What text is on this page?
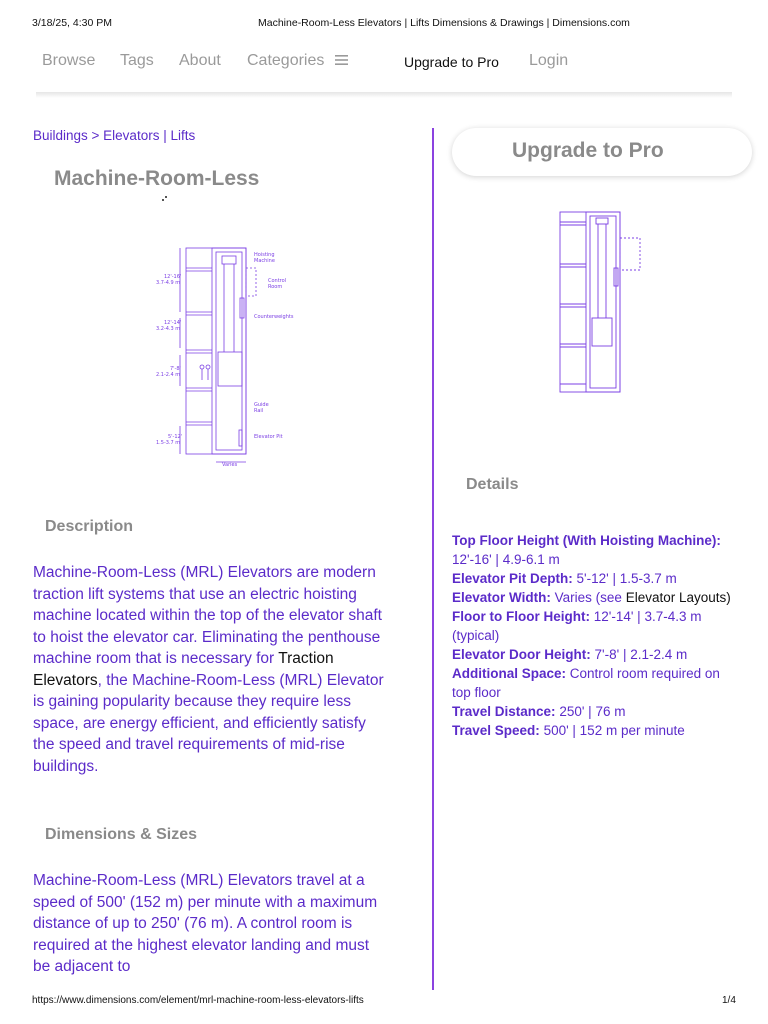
3/18/25, 4:30 PM	Machine-Room-Less Elevators | Lifts Dimensions & Drawings | Dimensions.com
Browse Tags About Categories	Upgrade to Pro Login
Buildings > Elevators | Lifts
Machine-Room-Less
Hoisting
Machine
Control
Room
Counterweights
Guide
Rail
Elevator Pit
Varies
12'-16'
3.7-4.9 m
12'-14'
3.2-4.3 m
7'-8'
2.1-2.4 m
5'-12'
1.5-3.7 m
Upgrade to Pro
Details
Top Floor Height (With Hoisting Machine): 12'-16' | 4.9-6.1 m
Elevator Pit Depth: 5'-12' | 1.5-3.7 m
Elevator Width: Varies (see Elevator Layouts)
Floor to Floor Height: 12'-14' | 3.7-4.3 m (typical)
Elevator Door Height: 7'-8' | 2.1-2.4 m
Additional Space: Control room required on top floor
Travel Distance: 250' | 76 m
Travel Speed: 500' | 152 m per minute
Description
Machine-Room-Less (MRL) Elevators are modern traction lift systems that use an electric hoisting machine located within the top of the elevator shaft to hoist the elevator car. Eliminating the penthouse machine room that is necessary for Traction Elevators, the Machine-Room-Less (MRL) Elevator is gaining popularity because they require less space, are energy efficient, and efficiently satisfy the speed and travel requirements of mid-rise buildings.
Dimensions & Sizes
Machine-Room-Less (MRL) Elevators travel at a speed of 500' (152 m) per minute with a maximum distance of up to 250' (76 m). A control room is required at the highest elevator landing and must be adjacent to
https://www.dimensions.com/element/mrl-machine-room-less-elevators-lifts	1/4
